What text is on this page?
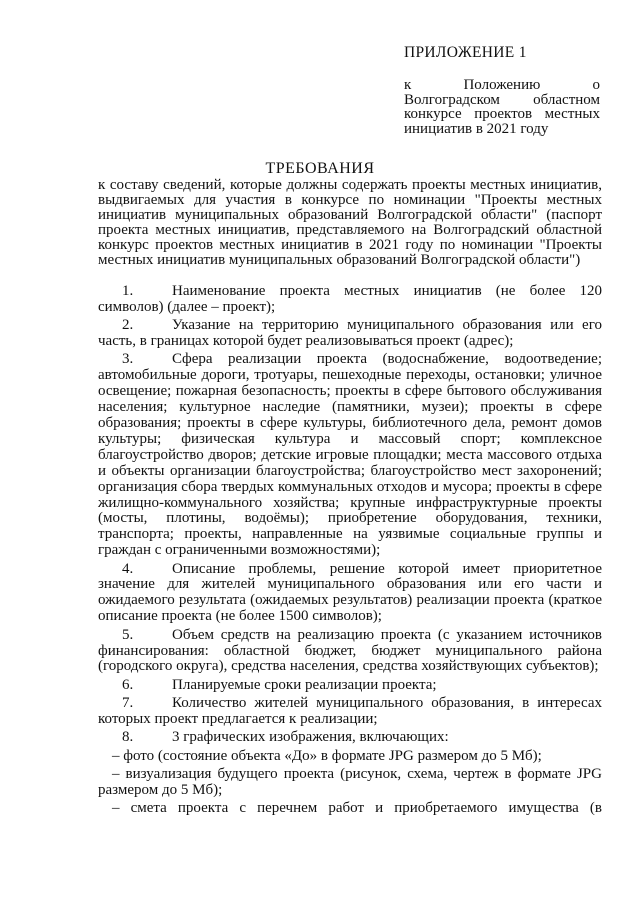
ПРИЛОЖЕНИЕ 1
к Положению о
Волгоградском областном
конкурсе проектов местных
инициатив в 2021 году
ТРЕБОВАНИЯ
к составу сведений, которые должны содержать проекты местных инициатив,
выдвигаемых для участия в конкурсе по номинации "Проекты местных
инициатив муниципальных образований Волгоградской области" (паспорт
проекта местных инициатив, представляемого на Волгоградский областной
конкурс проектов местных инициатив в 2021 году по номинации "Проекты
местных инициатив муниципальных образований Волгоградской области")
1.	Наименование проекта местных инициатив (не более 120
символов) (далее – проект);
2.	Указание на территорию муниципального образования или его
часть, в границах которой будет реализовываться проект (адрес);
3.	Сфера реализации проекта (водоснабжение, водоотведение;
автомобильные дороги, тротуары, пешеходные переходы, остановки; уличное
освещение; пожарная безопасность; проекты в сфере бытового обслуживания
населения; культурное наследие (памятники, музеи); проекты в сфере
образования; проекты в сфере культуры, библиотечного дела, ремонт домов
культуры; физическая культура и массовый спорт; комплексное
благоустройство дворов; детские игровые площадки; места массового отдыха
и объекты организации благоустройства; благоустройство мест захоронений;
организация сбора твердых коммунальных отходов и мусора; проекты в сфере
жилищно-коммунального хозяйства; крупные инфраструктурные проекты
(мосты, плотины, водоёмы); приобретение оборудования, техники,
транспорта; проекты, направленные на уязвимые социальные группы и
граждан с ограниченными возможностями);
4.	Описание проблемы, решение которой имеет приоритетное
значение для жителей муниципального образования или его части и
ожидаемого результата (ожидаемых результатов) реализации проекта (краткое
описание проекта (не более 1500 символов);
5.	Объем средств на реализацию проекта (с указанием источников
финансирования: областной бюджет, бюджет муниципального района
(городского округа), средства населения, средства хозяйствующих субъектов);
6.	Планируемые сроки реализации проекта;
7.	Количество жителей муниципального образования, в интересах
которых проект предлагается к реализации;
8.	3 графических изображения, включающих:
– фото (состояние объекта «До» в формате JPG размером до 5 Мб);
– визуализация будущего проекта (рисунок, схема, чертеж в формате JPG
размером до 5 Мб);
– смета проекта с перечнем работ и приобретаемого имущества (в
